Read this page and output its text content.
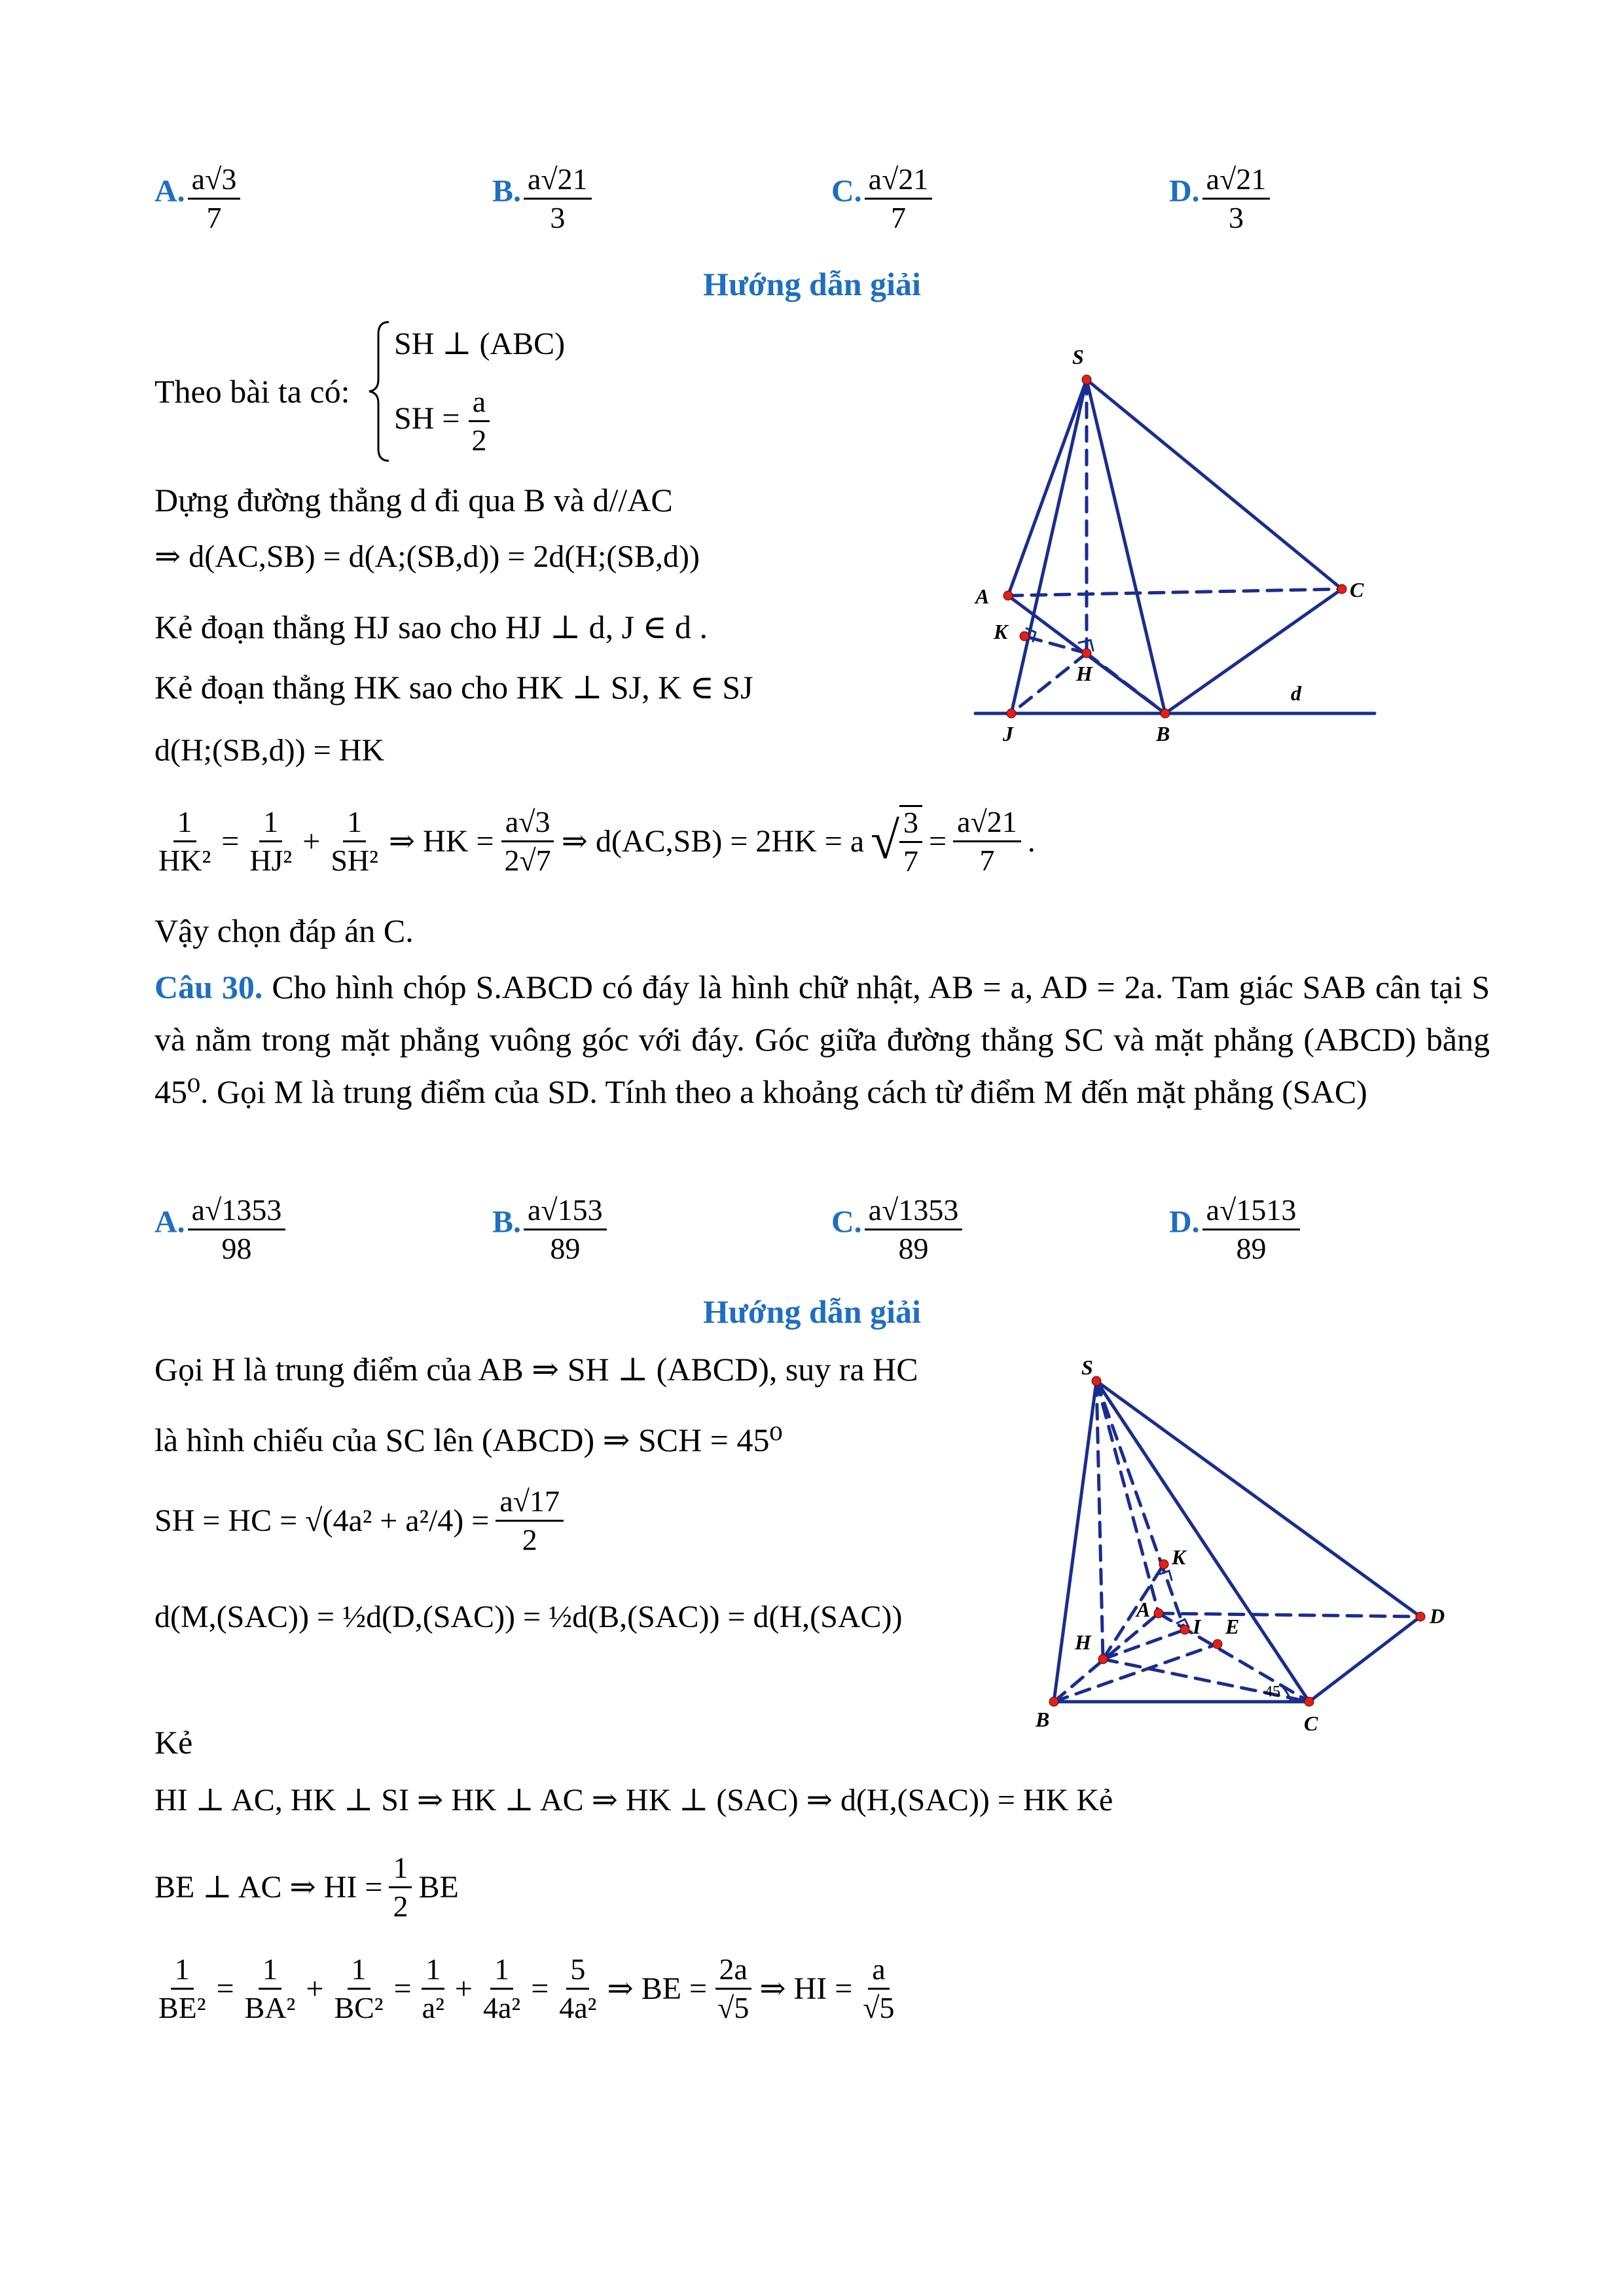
A. $\frac{a√3}{7}$	B. $\frac{a√21}{3}$	C. $\frac{a√21}{7}$	D. $\frac{a√21}{3}$
Hướng dẫn giải
Theo bài ta có:
SH ⊥ (ABC)
SH = $\frac{a}{2}$
Dựng đường thẳng d đi qua B và d//AC
⇒ d(AC,SB) = d(A;(SB,d)) = 2d(H;(SB,d))
Kẻ đoạn thẳng HJ sao cho HJ ⊥ d, J ∈ d .
Kẻ đoạn thẳng HK sao cho HK ⊥ SJ, K ∈ SJ
d(H;(SB,d)) = HK
$\frac{1}{\text{HK²}} = \frac{1}{\text{HJ²}} + \frac{1}{\text{SH²}}$ ⇒ HK = $\frac{a√3}{2√7}$ ⇒ d(AC,SB) = 2HK = a √ $\frac{3}{7} = \frac{a√21}{7}$ .
Vậy chọn đáp án C.
S
A	C
K
H
J	B
d
Câu 30. Cho hình chóp S.ABCD có đáy là hình chữ nhật, AB = a, AD = 2a. Tam giác SAB cân tại S và nằm trong mặt phẳng vuông góc với đáy. Góc giữa đường thẳng SC và mặt phẳng (ABCD) bằng 45⁰. Gọi M là trung điểm của SD. Tính theo a khoảng cách từ điểm M đến mặt phẳng (SAC)
A. $\frac{a√1353}{98}$	B. $\frac{a√153}{89}$	C. $\frac{a√1353}{89}$	D. $\frac{a√1513}{89}$
Hướng dẫn giải
Gọi H là trung điểm của AB ⇒ SH ⊥ (ABCD), suy ra HC
là hình chiếu của SC lên (ABCD) ⇒ SCH = 45⁰
SH = HC = $√(4a^2 + a^2/4) = \frac{a√17}{2}$
d(M,(SAC)) = ½d(D,(SAC)) = ½d(B,(SAC)) = d(H,(SAC))
Kẻ
HI ⊥ AC, HK ⊥ SI ⇒ HK ⊥ AC ⇒ HK ⊥ (SAC) ⇒ d(H,(SAC)) = HK Kẻ
BE ⊥ AC ⇒ HI = $\frac{1}{2}$ BE
$\frac{1}{\text{BE²}} = \frac{1}{\text{BA²}} + \frac{1}{\text{BC²}} = \frac{1}{\text{a²}} + \frac{1}{\text{4a²}} = \frac{5}{\text{4a²}}$ ⇒ BE = $\frac{2a}{√5}$ ⇒ HI = $\frac{a}{√5}$
S
K
A
I E
H
D
B	C
45
